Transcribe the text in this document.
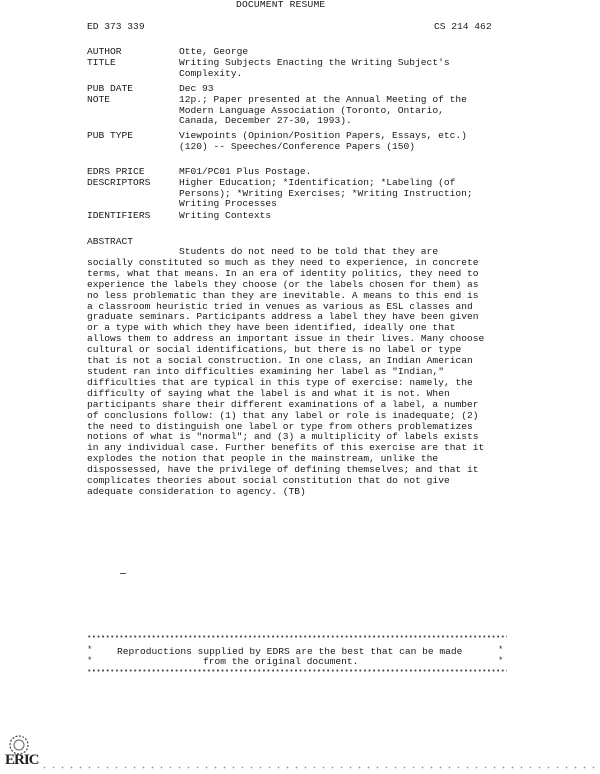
DOCUMENT RESUME
ED 373 339	CS 214 462
AUTHOR	Otte, George
TITLE	Writing Subjects Enacting the Writing Subject's Complexity.
PUB DATE	Dec 93
NOTE	12p.; Paper presented at the Annual Meeting of the Modern Language Association (Toronto, Ontario, Canada, December 27-30, 1993).
PUB TYPE	Viewpoints (Opinion/Position Papers, Essays, etc.) (120) -- Speeches/Conference Papers (150)
EDRS PRICE	MF01/PC01 Plus Postage.
DESCRIPTORS	Higher Education; *Identification; *Labeling (of Persons); *Writing Exercises; *Writing Instruction; Writing Processes
IDENTIFIERS	Writing Contexts
ABSTRACT
Students do not need to be told that they are socially constituted so much as they need to experience, in concrete terms, what that means. In an era of identity politics, they need to experience the labels they choose (or the labels chosen for them) as no less problematic than they are inevitable. A means to this end is a classroom heuristic tried in venues as various as ESL classes and graduate seminars. Participants address a label they have been given or a type with which they have been identified, ideally one that allows them to address an important issue in their lives. Many choose cultural or social identifications, but there is no label or type that is not a social construction. In one class, an Indian American student ran into difficulties examining her label as "Indian," difficulties that are typical in this type of exercise: namely, the difficulty of saying what the label is and what it is not. When participants share their different examinations of a label, a number of conclusions follow: (1) that any label or role is inadequate; (2) the need to distinguish one label or type from others problematizes notions of what is "normal"; and (3) a multiplicity of labels exists in any individual case. Further benefits of this exercise are that it explodes the notion that people in the mainstream, unlike the dispossessed, have the privilege of defining themselves; and that it complicates theories about social constitution that do not give adequate consideration to agency. (TB)
*	*
*	*
Reproductions supplied by EDRS are the best that can be made
from the original document.
ERIC
